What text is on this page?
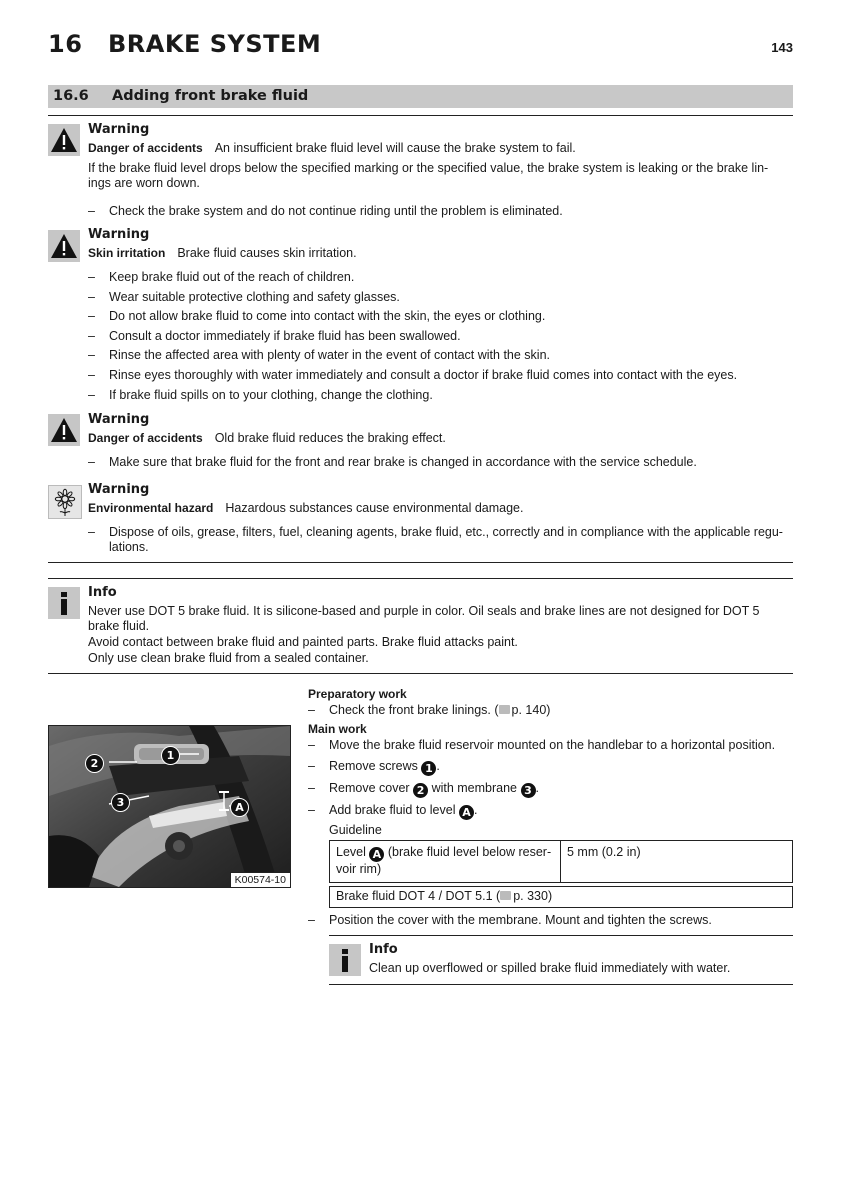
16 BRAKE SYSTEM	143
16.6 Adding front brake fluid
Warning
Danger of accidents An insufficient brake fluid level will cause the brake system to fail.
If the brake fluid level drops below the specified marking or the specified value, the brake system is leaking or the brake lin-
ings are worn down.
– Check the brake system and do not continue riding until the problem is eliminated.
Warning
Skin irritation Brake fluid causes skin irritation.
– Keep brake fluid out of the reach of children.
– Wear suitable protective clothing and safety glasses.
– Do not allow brake fluid to come into contact with the skin, the eyes or clothing.
– Consult a doctor immediately if brake fluid has been swallowed.
– Rinse the affected area with plenty of water in the event of contact with the skin.
– Rinse eyes thoroughly with water immediately and consult a doctor if brake fluid comes into contact with the eyes.
– If brake fluid spills on to your clothing, change the clothing.
Warning
Danger of accidents Old brake fluid reduces the braking effect.
– Make sure that brake fluid for the front and rear brake is changed in accordance with the service schedule.
Warning
Environmental hazard Hazardous substances cause environmental damage.
– Dispose of oils, grease, filters, fuel, cleaning agents, brake fluid, etc., correctly and in compliance with the applicable regu-
lations.
Info
Never use DOT 5 brake fluid. It is silicone-based and purple in color. Oil seals and brake lines are not designed for DOT 5
brake fluid.
Avoid contact between brake fluid and painted parts. Brake fluid attacks paint.
Only use clean brake fluid from a sealed container.
2
1
3	A
K00574-10
Preparatory work
– Check the front brake linings. ( p. 140)
Main work
– Move the brake fluid reservoir mounted on the handlebar to a horizontal position.
– Remove screws 1 .
– Remove cover 2 with membrane 3 .
– Add brake fluid to level A .
Guideline
Level A (brake fluid level below reser-
voir rim)	5 mm (0.2 in)
Brake fluid DOT 4 / DOT 5.1 ( p. 330)
– Position the cover with the membrane. Mount and tighten the screws.
Info
Clean up overflowed or spilled brake fluid immediately with water.
